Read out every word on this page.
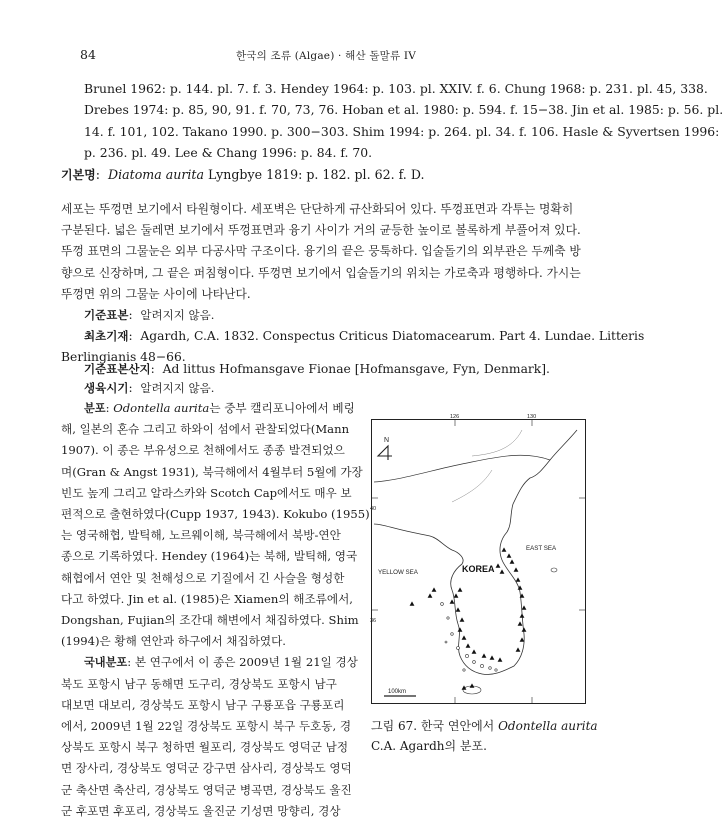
84	한국의 조류 (Algae) · 해산 돌말류 IV
Brunel 1962: p. 144. pl. 7. f. 3. Hendey 1964: p. 103. pl. XXIV. f. 6. Chung 1968: p. 231. pl. 45, 338.
Drebes 1974: p. 85, 90, 91. f. 70, 73, 76. Hoban et al. 1980: p. 594. f. 15−38. Jin et al. 1985: p. 56. pl.
14. f. 101, 102. Takano 1990. p. 300−303. Shim 1994: p. 264. pl. 34. f. 106. Hasle & Syvertsen 1996:
p. 236. pl. 49. Lee & Chang 1996: p. 84. f. 70.
기본명:  Diatoma aurita Lyngbye 1819: p. 182. pl. 62. f. D.
세포는 뚜껑면 보기에서 타원형이다. 세포벽은 단단하게 규산화되어 있다. 뚜껑표면과 각투는 명확히
구분된다. 넓은 둘레면 보기에서 뚜껑표면과 융기 사이가 거의 균등한 높이로 볼록하게 부풀어져 있다.
뚜껑 표면의 그물눈은 외부 다공사막 구조이다. 융기의 끝은 뭉툭하다. 입술돌기의 외부관은 두께축 방
향으로 신장하며, 그 끝은 퍼침형이다. 뚜껑면 보기에서 입술돌기의 위치는 가로축과 평행하다. 가시는
뚜껑면 위의 그물눈 사이에 나타난다.
기준표본:  알려지지 않음.
최초기재:  Agardh, C.A. 1832. Conspectus Criticus Diatomacearum. Part 4. Lundae. Litteris
Berlingianis 48−66.
기준표본산지:  Ad littus Hofmansgave Fionae [Hofmansgave, Fyn, Denmark].
생육시기:  알려지지 않음.
분포: Odontella aurita는 중부 캘리포니아에서 베링
해, 일본의 혼슈 그리고 하와이 섬에서 관찰되었다(Mann
1907). 이 종은 부유성으로 천해에서도 종종 발견되었으
며(Gran & Angst 1931), 북극해에서 4월부터 5월에 가장
빈도 높게 그리고 알라스카와 Scotch Cap에서도 매우 보
편적으로 출현하였다(Cupp 1937, 1943). Kokubo (1955)
는 영국해협, 발틱해, 노르웨이해, 북극해에서 북방-연안
종으로 기록하였다. Hendey (1964)는 북해, 발틱해, 영국
해협에서 연안 및 천해성으로 기질에서 긴 사슬을 형성한
다고 하였다. Jin et al. (1985)은 Xiamen의 해조류에서,
Dongshan, Fujian의 조간대 해변에서 채집하였다. Shim
(1994)은 황해 연안과 하구에서 채집하였다.
국내분포: 본 연구에서 이 종은 2009년 1월 21일 경상
북도 포항시 남구 동해면 도구리, 경상북도 포항시 남구
대보면 대보리, 경상북도 포항시 남구 구룡포읍 구룡포리
에서, 2009년 1월 22일 경상북도 포항시 북구 두호동, 경
상북도 포항시 북구 청하면 월포리, 경상북도 영덕군 남정
면 장사리, 경상북도 영덕군 강구면 삼사리, 경상북도 영덕
군 축산면 축산리, 경상북도 영덕군 병곡면, 경상북도 울진
군 후포면 후포리, 경상북도 울진군 기성면 망향리, 경상
N
EAST SEA
YELLOW SEA	KOREA
40
36
126	130
100km
그림 67. 한국 연안에서 Odontella aurita
C.A. Agardh의 분포.
